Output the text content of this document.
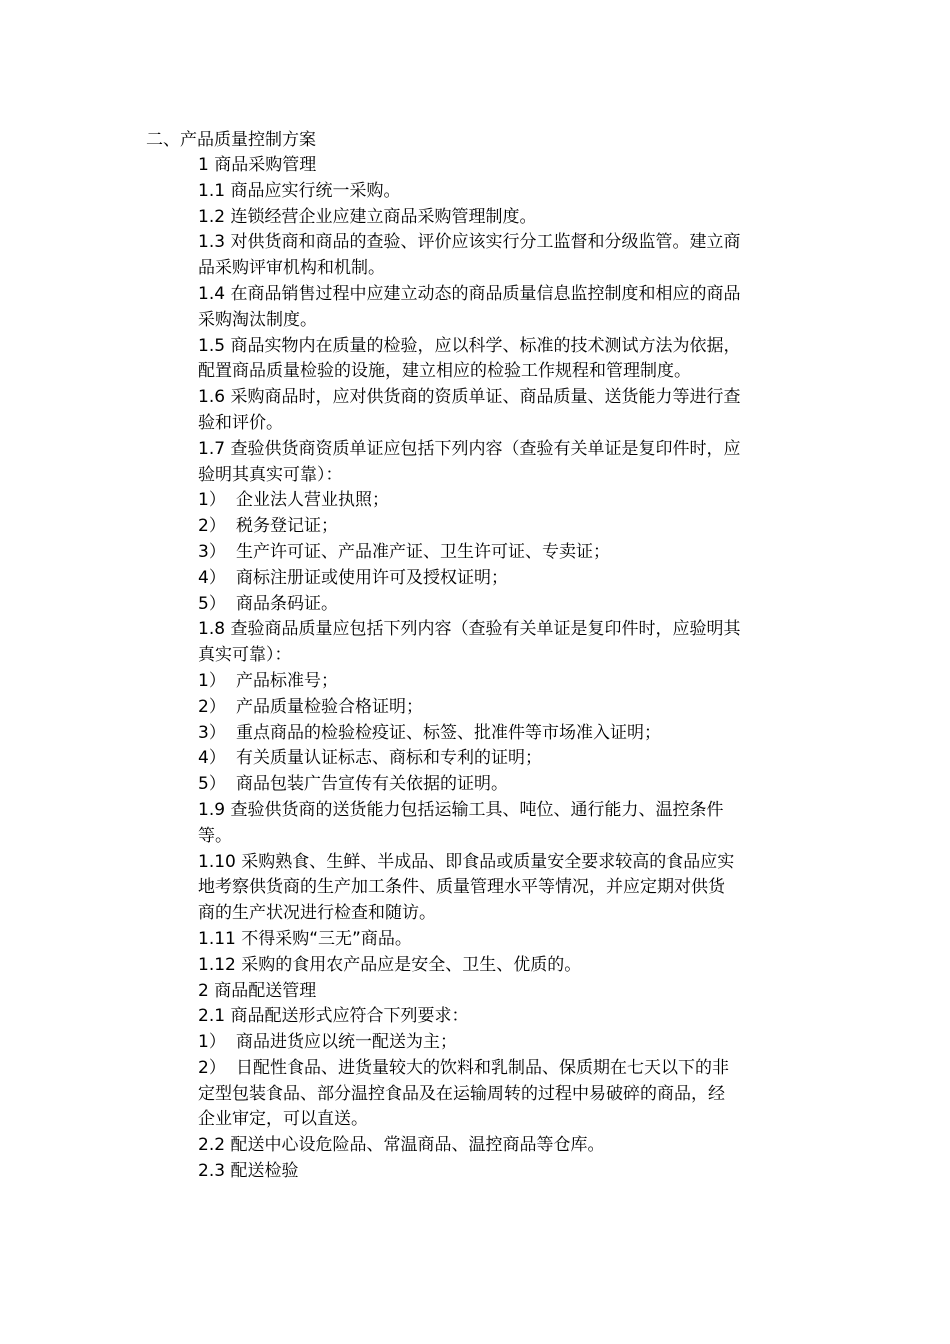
二、产品质量控制方案
1 商品采购管理
1.1 商品应实行统一采购。
1.2 连锁经营企业应建立商品采购管理制度。
1.3 对供货商和商品的查验、评价应该实行分工监督和分级监管。建立商
品采购评审机构和机制。
1.4 在商品销售过程中应建立动态的商品质量信息监控制度和相应的商品
采购淘汰制度。
1.5 商品实物内在质量的检验，应以科学、标准的技术测试方法为依据，
配置商品质量检验的设施，建立相应的检验工作规程和管理制度。
1.6 采购商品时，应对供货商的资质单证、商品质量、送货能力等进行查
验和评价。
1.7 查验供货商资质单证应包括下列内容（查验有关单证是复印件时，应
验明其真实可靠）：
1） 企业法人营业执照；
2） 税务登记证；
3） 生产许可证、产品准产证、卫生许可证、专卖证；
4） 商标注册证或使用许可及授权证明；
5） 商品条码证。
1.8 查验商品质量应包括下列内容（查验有关单证是复印件时，应验明其
真实可靠）：
1） 产品标准号；
2） 产品质量检验合格证明；
3） 重点商品的检验检疫证、标签、批准件等市场准入证明；
4） 有关质量认证标志、商标和专利的证明；
5） 商品包装广告宣传有关依据的证明。
1.9 查验供货商的送货能力包括运输工具、吨位、通行能力、温控条件
等。
1.10 采购熟食、生鲜、半成品、即食品或质量安全要求较高的食品应实
地考察供货商的生产加工条件、质量管理水平等情况，并应定期对供货
商的生产状况进行检查和随访。
1.11 不得采购“三无”商品。
1.12 采购的食用农产品应是安全、卫生、优质的。
2 商品配送管理
2.1 商品配送形式应符合下列要求：
1） 商品进货应以统一配送为主；
2） 日配性食品、进货量较大的饮料和乳制品、保质期在七天以下的非
定型包装食品、部分温控食品及在运输周转的过程中易破碎的商品，经
企业审定，可以直送。
2.2 配送中心设危险品、常温商品、温控商品等仓库。
2.3 配送检验
